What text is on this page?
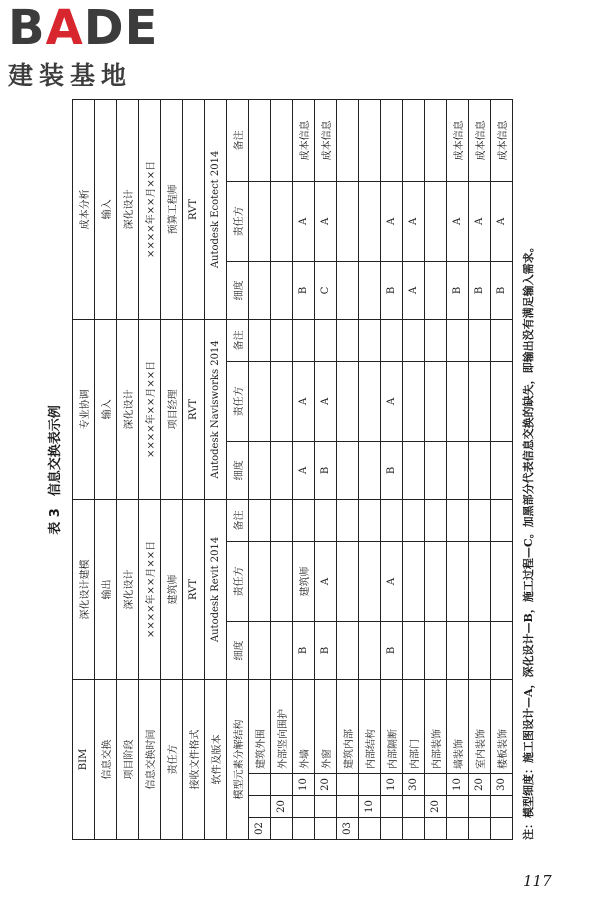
BADE
建装基地
表 3信息交换表示例
BIM				深化设计建模			专业协调			成本分析		
信息交换				输出			输入			输入		
项目阶段				深化设计			深化设计			深化设计		
信息交换时间				××××年××月××日			××××年××月××日			××××年××月××日		
责任方				建筑师			项目经理			预算工程师		
接收文件格式				RVT			RVT			RVT		
软件及版本				Autodesk Revit 2014			Autodesk Navisworks 2014			Autodesk Ecotect 2014		
模型元素分解结构				细度	责任方	备注	细度	责任方	备注	细度	责任方	备注
02			建筑外围									
	20		外部竖向围护									
		10	外墙	B	建筑师		A	A		B	A	成本信息
		20	外窗	B	A		B	A		C	A	成本信息
03			建筑内部									
	10		内部结构									
		10	内部隔断	B	A		B	A		B	A	
		30	内部门							A	A	
	20		内部装饰									
		10	墙装饰							B	A	成本信息
		20	室内装饰							B	A	成本信息
		30	楼板装饰							B	A	成本信息
注：模型细度：施工图设计—A，深化设计—B，施工过程—C。加黑部分代表信息交换的缺失，即输出没有满足输入需求。
117
